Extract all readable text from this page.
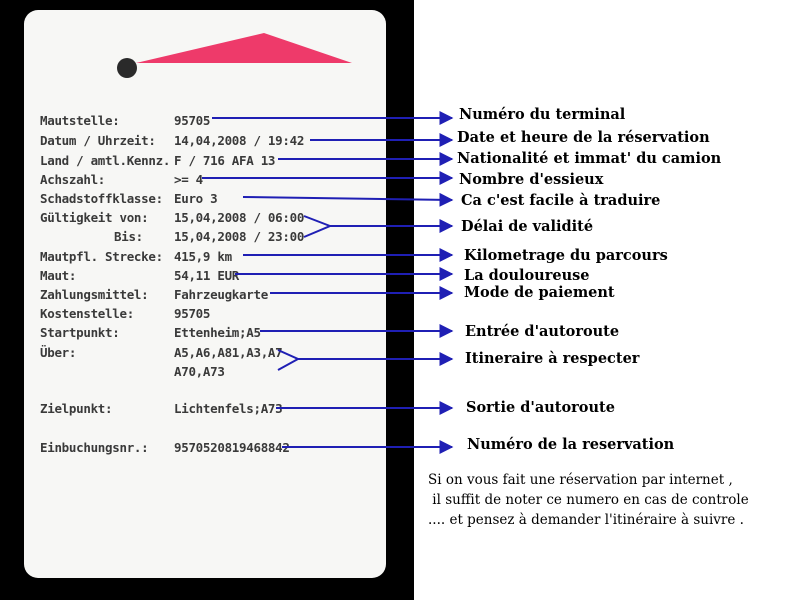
Mautstelle:	95705
Datum / Uhrzeit: 14,04,2008 / 19:42
Land / amtl.Kennz. F / 716 AFA 13
Achszahl:	>= 4
Schadstoffklasse: Euro 3
Gültigkeit von: 15,04,2008 / 06:00
Bis: 15,04,2008 / 23:00
Mautpfl. Strecke: 415,9 km
Maut:	54,11 EUR
Zahlungsmittel: Fahrzeugkarte
Kostenstelle:	95705
Startpunkt:	Ettenheim;A5
Über:	A5,A6,A81,A3,A7
A70,A73
Zielpunkt:	Lichtenfels;A73
Einbuchungsnr.: 9570520819468842
Numéro du terminal
Date et heure de la réservation
Nationalité et immat' du camion
Nombre d'essieux
Ca c'est facile à traduire
Délai de validité
Kilometrage du parcours
La douloureuse
Mode de paiement
Entrée d'autoroute
Itineraire à respecter
Sortie d'autoroute
Numéro de la reservation
Si on vous fait une réservation par internet ,
il suffit de noter ce numero en cas de controle
.... et pensez à demander l'itinéraire à suivre .
